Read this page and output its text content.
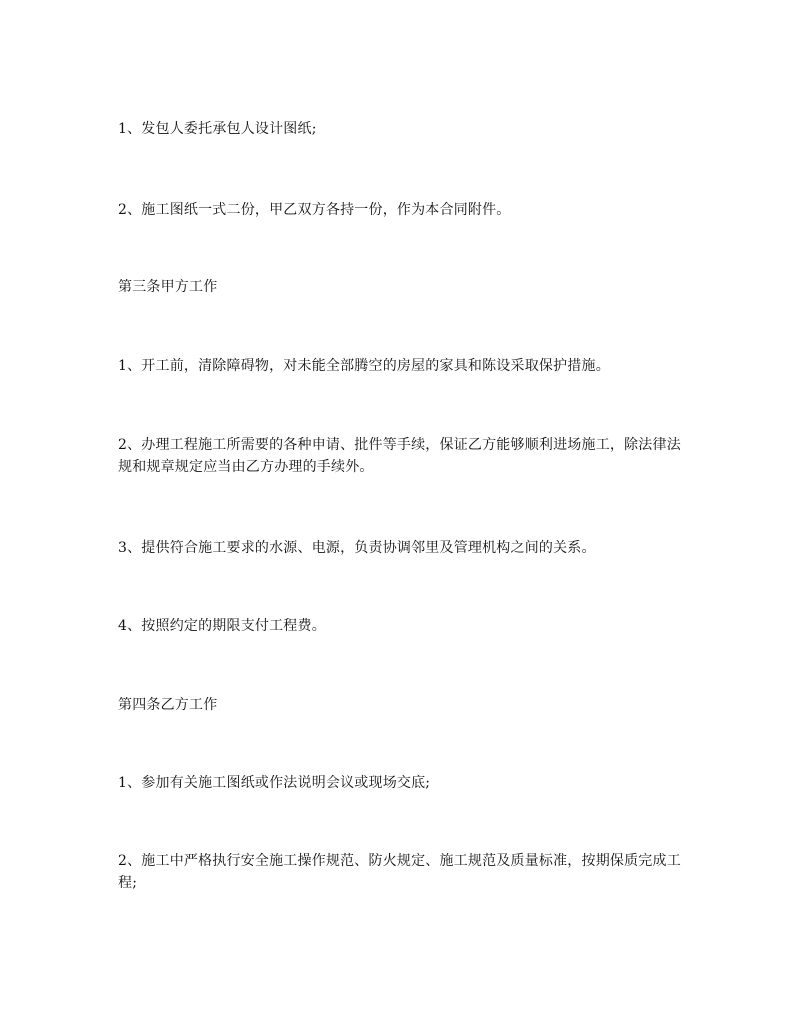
1、发包人委托承包人设计图纸;

2、施工图纸一式二份，甲乙双方各持一份，作为本合同附件。

第三条甲方工作

1、开工前，清除障碍物，对未能全部腾空的房屋的家具和陈设采取保护措施。

2、办理工程施工所需要的各种申请、批件等手续，保证乙方能够顺利进场施工，除法律法规和规章规定应当由乙方办理的手续外。

3、提供符合施工要求的水源、电源，负责协调邻里及管理机构之间的关系。

4、按照约定的期限支付工程费。

第四条乙方工作

1、参加有关施工图纸或作法说明会议或现场交底;

2、施工中严格执行安全施工操作规范、防火规定、施工规范及质量标准，按期保质完成工程;
